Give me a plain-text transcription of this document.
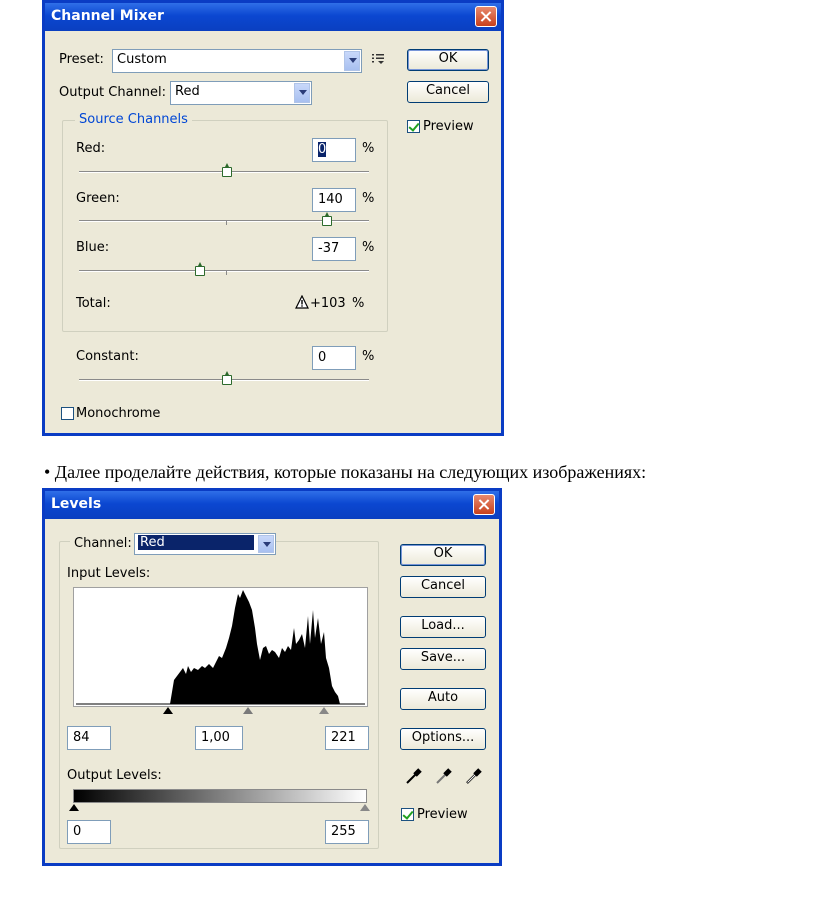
Channel Mixer
Preset:	Custom
Output Channel: Red
OK
Cancel
Preview
Source Channels
Red:	0	%
Green:	140	%
Blue:	-37	%
Total:	+103 %
Constant:	0	%
Monochrome
• Далее проделайте действия, которые показаны на следующих изображениях:
Levels
Channel: Red
Input Levels:
84	1,00	221
Output Levels:
0	255
OK
Cancel
Load...
Save...
Auto
Options...
Preview
